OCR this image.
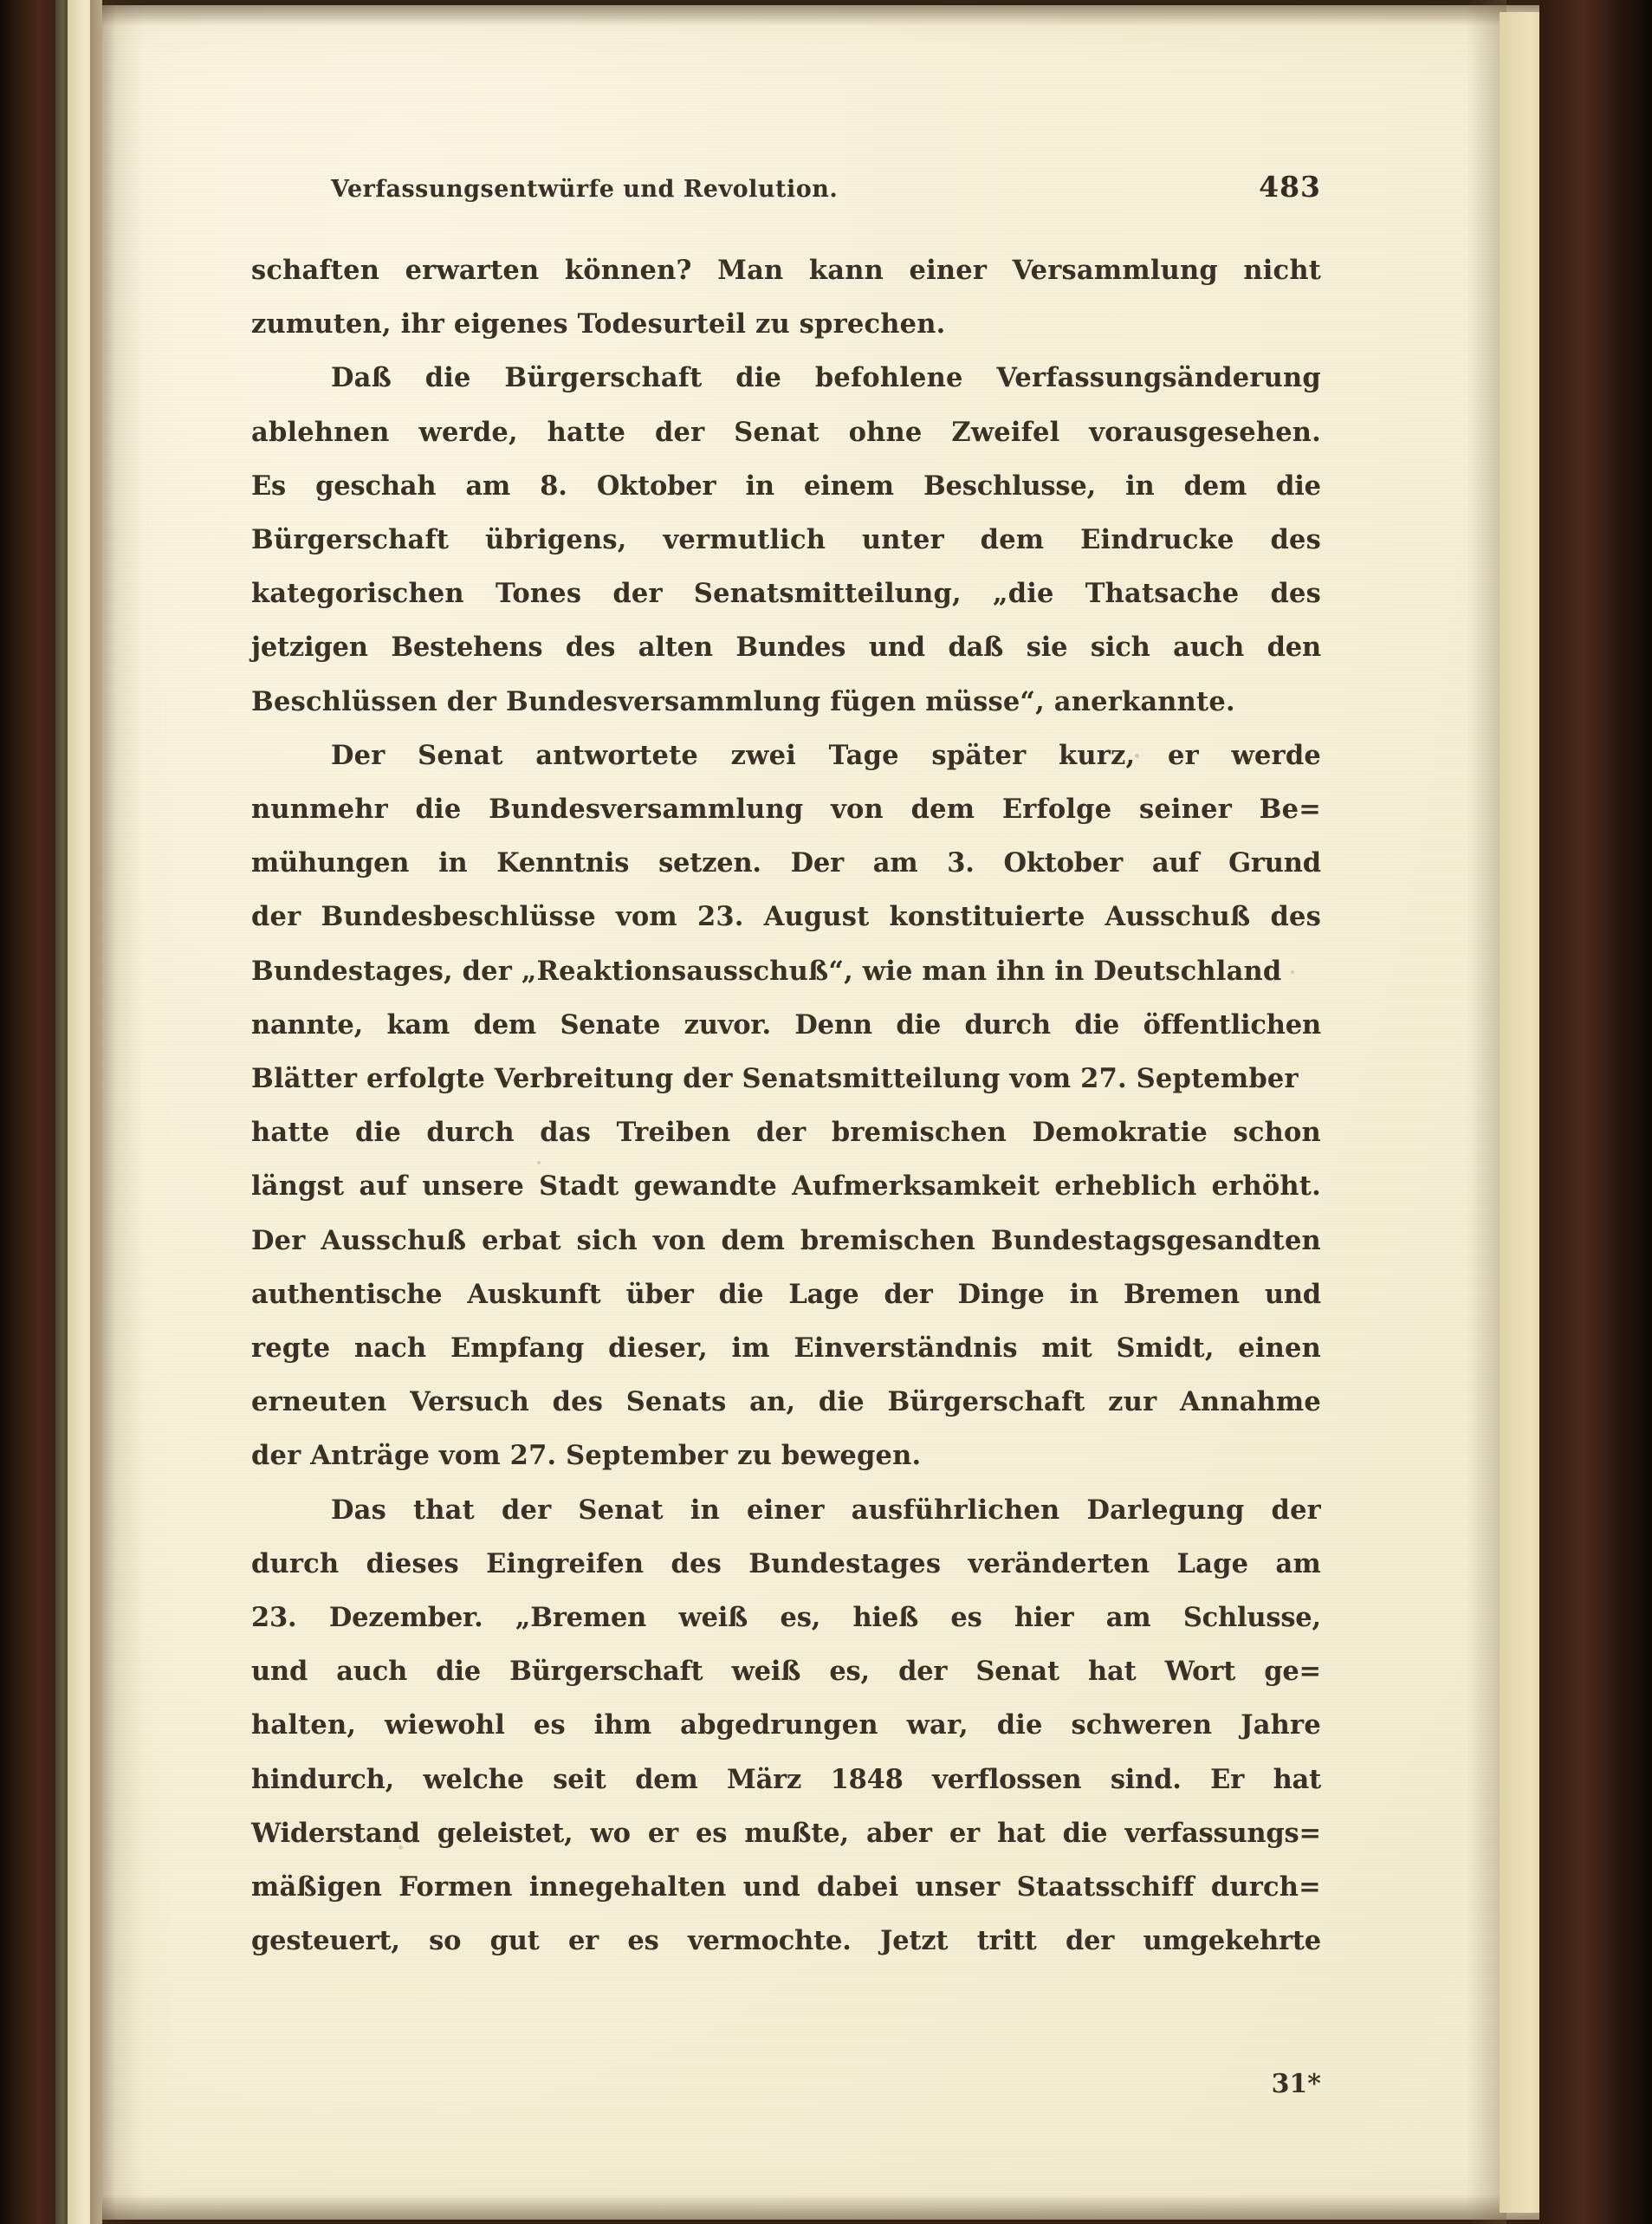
Verfassungsentwürfe und Revolution.	483
schaften erwarten können? Man kann einer Versammlung nicht
zumuten, ihr eigenes Todesurteil zu sprechen.
Daß die Bürgerschaft die befohlene Verfassungsänderung
ablehnen werde, hatte der Senat ohne Zweifel vorausgesehen.
Es geschah am 8. Oktober in einem Beschlusse, in dem die
Bürgerschaft übrigens, vermutlich unter dem Eindrucke des
kategorischen Tones der Senatsmitteilung, „die Thatsache des
jetzigen Bestehens des alten Bundes und daß sie sich auch den
Beschlüssen der Bundesversammlung fügen müsse“, anerkannte.
Der Senat antwortete zwei Tage später kurz, er werde
nunmehr die Bundesversammlung von dem Erfolge seiner Be=
mühungen in Kenntnis setzen. Der am 3. Oktober auf Grund
der Bundesbeschlüsse vom 23. August konstituierte Ausschuß des
Bundestages, der „Reaktionsausschuß“, wie man ihn in Deutschland
nannte, kam dem Senate zuvor. Denn die durch die öffentlichen
Blätter erfolgte Verbreitung der Senatsmitteilung vom 27. September
hatte die durch das Treiben der bremischen Demokratie schon
längst auf unsere Stadt gewandte Aufmerksamkeit erheblich erhöht.
Der Ausschuß erbat sich von dem bremischen Bundestagsgesandten
authentische Auskunft über die Lage der Dinge in Bremen und
regte nach Empfang dieser, im Einverständnis mit Smidt, einen
erneuten Versuch des Senats an, die Bürgerschaft zur Annahme
der Anträge vom 27. September zu bewegen.
Das that der Senat in einer ausführlichen Darlegung der
durch dieses Eingreifen des Bundestages veränderten Lage am
23. Dezember. „Bremen weiß es, hieß es hier am Schlusse,
und auch die Bürgerschaft weiß es, der Senat hat Wort ge=
halten, wiewohl es ihm abgedrungen war, die schweren Jahre
hindurch, welche seit dem März 1848 verflossen sind. Er hat
Widerstand geleistet, wo er es mußte, aber er hat die verfassungs=
mäßigen Formen innegehalten und dabei unser Staatsschiff durch=
gesteuert, so gut er es vermochte. Jetzt tritt der umgekehrte
31*
